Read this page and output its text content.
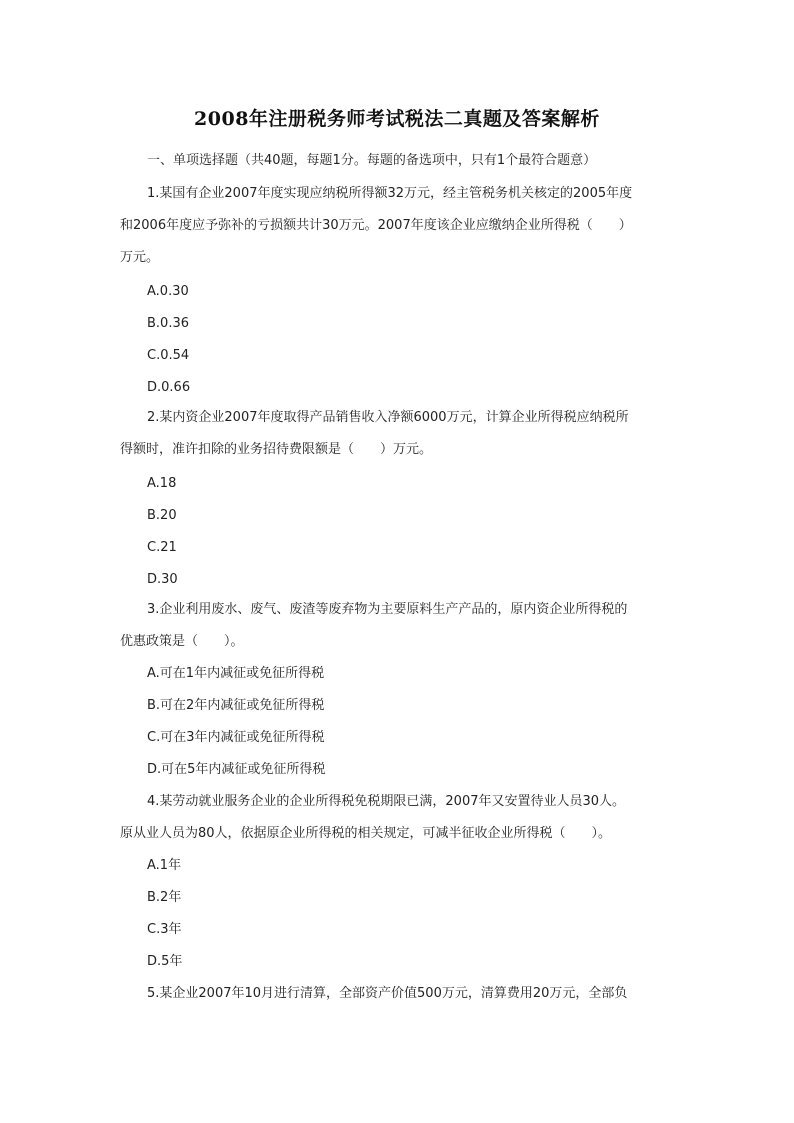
2008年注册税务师考试税法二真题及答案解析
一、单项选择题（共40题，每题1分。每题的备选项中，只有1个最符合题意）
1.某国有企业2007年度实现应纳税所得额32万元，经主管税务机关核定的2005年度
和2006年度应予弥补的亏损额共计30万元。2007年度该企业应缴纳企业所得税（　　）
万元。
A.0.30
B.0.36
C.0.54
D.0.66
2.某内资企业2007年度取得产品销售收入净额6000万元，计算企业所得税应纳税所
得额时，准许扣除的业务招待费限额是（　　）万元。
A.18
B.20
C.21
D.30
3.企业利用废水、废气、废渣等废弃物为主要原料生产产品的，原内资企业所得税的
优惠政策是（　　）。
A.可在1年内减征或免征所得税
B.可在2年内减征或免征所得税
C.可在3年内减征或免征所得税
D.可在5年内减征或免征所得税
4.某劳动就业服务企业的企业所得税免税期限已满，2007年又安置待业人员30人。
原从业人员为80人，依据原企业所得税的相关规定，可减半征收企业所得税（　　）。
A.1年
B.2年
C.3年
D.5年
5.某企业2007年10月进行清算，全部资产价值500万元，清算费用20万元，全部负
